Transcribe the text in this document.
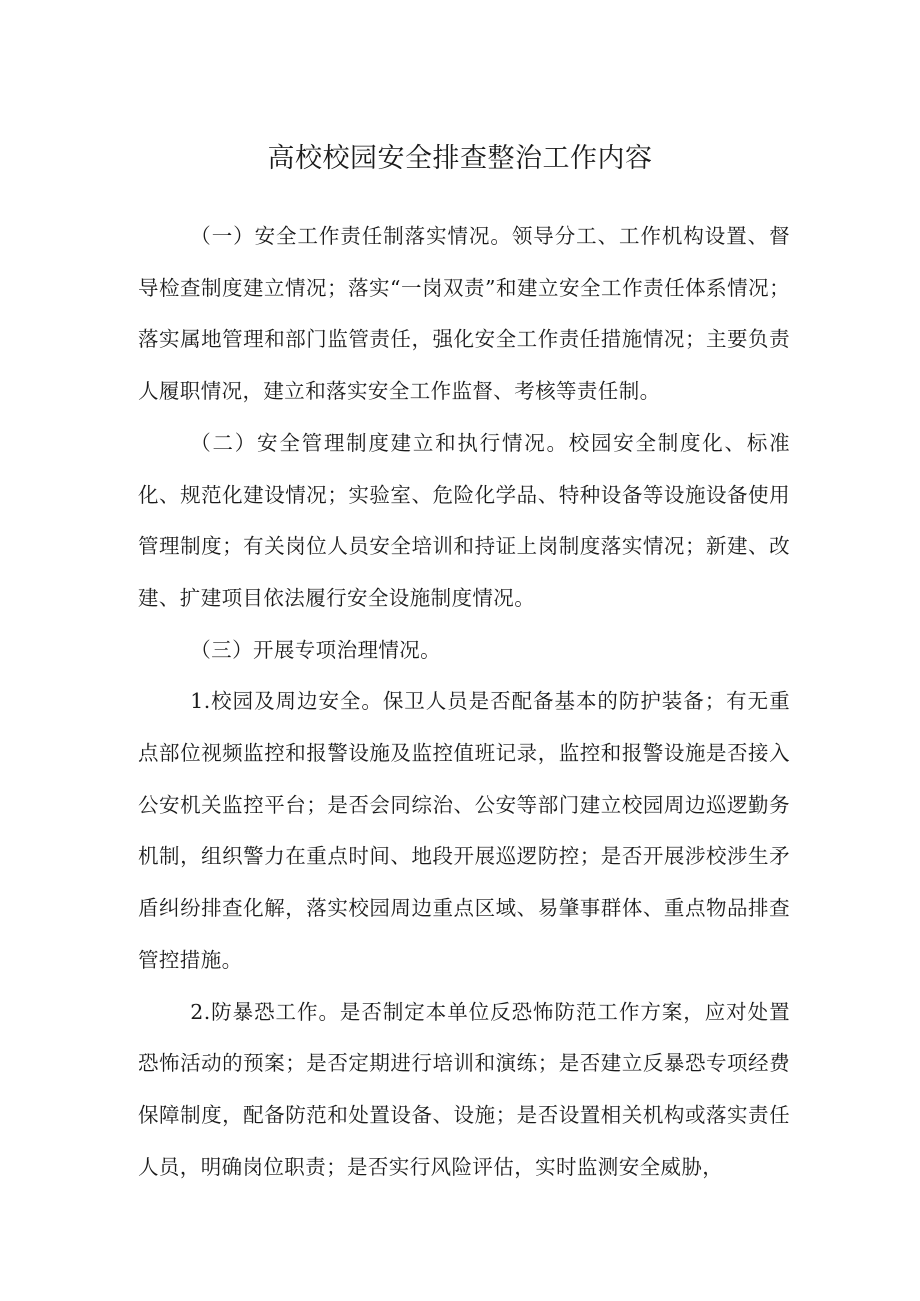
高校校园安全排查整治工作内容

（一）安全工作责任制落实情况。领导分工、工作机构设置、督导检查制度建立情况；落实“一岗双责”和建立安全工作责任体系情况；落实属地管理和部门监管责任，强化安全工作责任措施情况；主要负责人履职情况，建立和落实安全工作监督、考核等责任制。

（二）安全管理制度建立和执行情况。校园安全制度化、标准化、规范化建设情况；实验室、危险化学品、特种设备等设施设备使用管理制度；有关岗位人员安全培训和持证上岗制度落实情况；新建、改建、扩建项目依法履行安全设施制度情况。

（三）开展专项治理情况。

1.校园及周边安全。保卫人员是否配备基本的防护装备；有无重点部位视频监控和报警设施及监控值班记录，监控和报警设施是否接入公安机关监控平台；是否会同综治、公安等部门建立校园周边巡逻勤务机制，组织警力在重点时间、地段开展巡逻防控；是否开展涉校涉生矛盾纠纷排查化解，落实校园周边重点区域、易肇事群体、重点物品排查管控措施。

2.防暴恐工作。是否制定本单位反恐怖防范工作方案，应对处置恐怖活动的预案；是否定期进行培训和演练；是否建立反暴恐专项经费保障制度，配备防范和处置设备、设施；是否设置相关机构或落实责任人员，明确岗位职责；是否实行风险评估，实时监测安全威胁，
